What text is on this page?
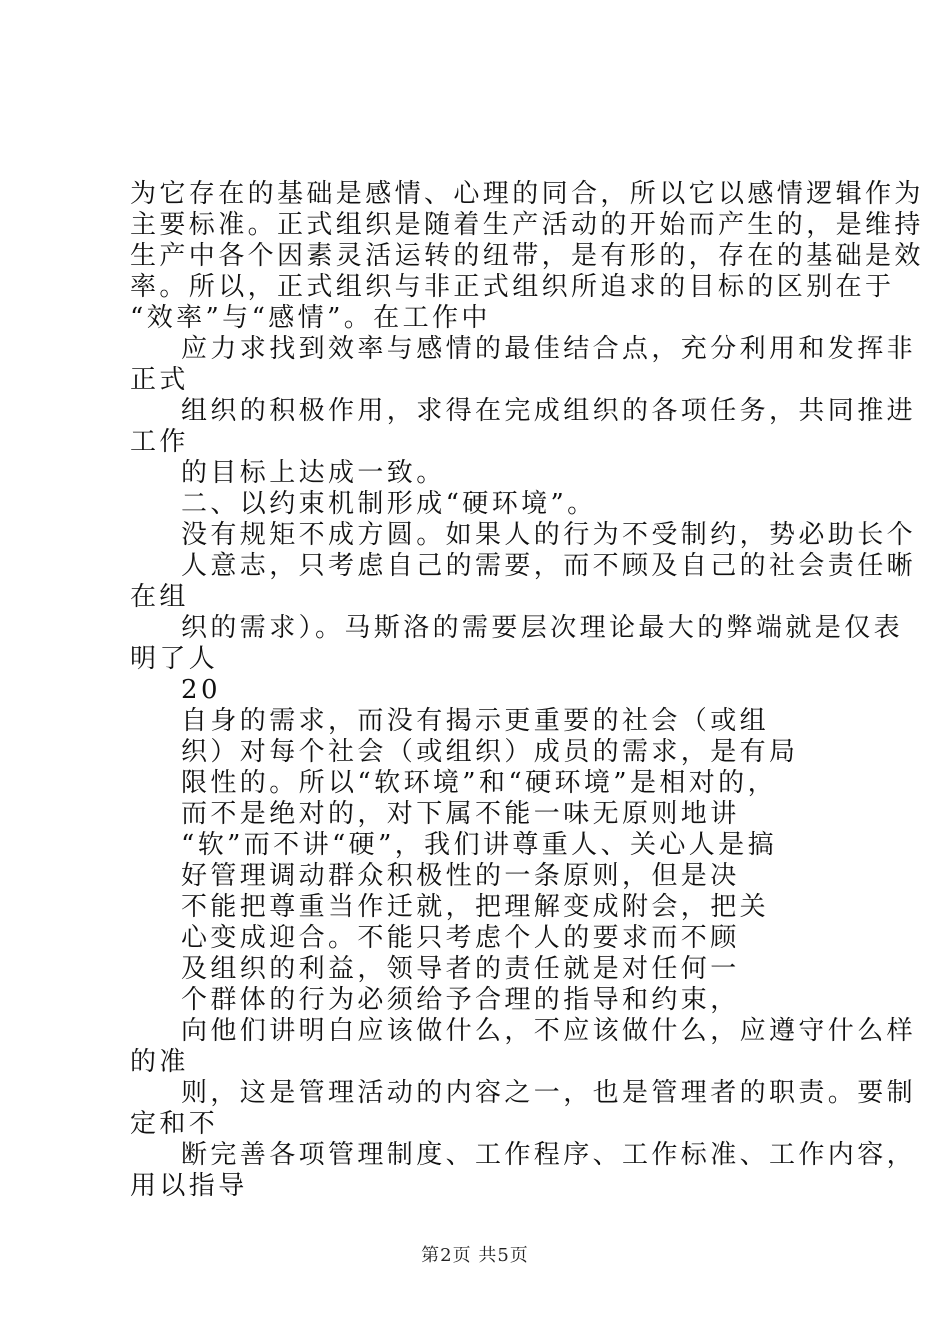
为它存在的基础是感情、心理的同合，所以它以感情逻辑作为
主要标准。正式组织是随着生产活动的开始而产生的，是维持
生产中各个因素灵活运转的纽带，是有形的，存在的基础是效
率。所以，正式组织与非正式组织所追求的目标的区别在于
“效率”与“感情”。在工作中
应力求找到效率与感情的最佳结合点，充分利用和发挥非
正式
组织的积极作用，求得在完成组织的各项任务，共同推进
工作
的目标上达成一致。
二、以约束机制形成“硬环境”。
没有规矩不成方圆。如果人的行为不受制约，势必助长个
人意志，只考虑自己的需要，而不顾及自己的社会责任晰
在组
织的需求）。马斯洛的需要层次理论最大的弊端就是仅表
明了人
20
自身的需求，而没有揭示更重要的社会（或组
织）对每个社会（或组织）成员的需求，是有局
限性的。所以“软环境”和“硬环境”是相对的，
而不是绝对的，对下属不能一味无原则地讲
“软”而不讲“硬”，我们讲尊重人、关心人是搞
好管理调动群众积极性的一条原则，但是决
不能把尊重当作迁就，把理解变成附会，把关
心变成迎合。不能只考虑个人的要求而不顾
及组织的利益，领导者的责任就是对任何一
个群体的行为必须给予合理的指导和约束，
向他们讲明白应该做什么，不应该做什么，应遵守什么样
的准
则，这是管理活动的内容之一，也是管理者的职责。要制
定和不
断完善各项管理制度、工作程序、工作标准、工作内容，
用以指导
第2页 共5页
